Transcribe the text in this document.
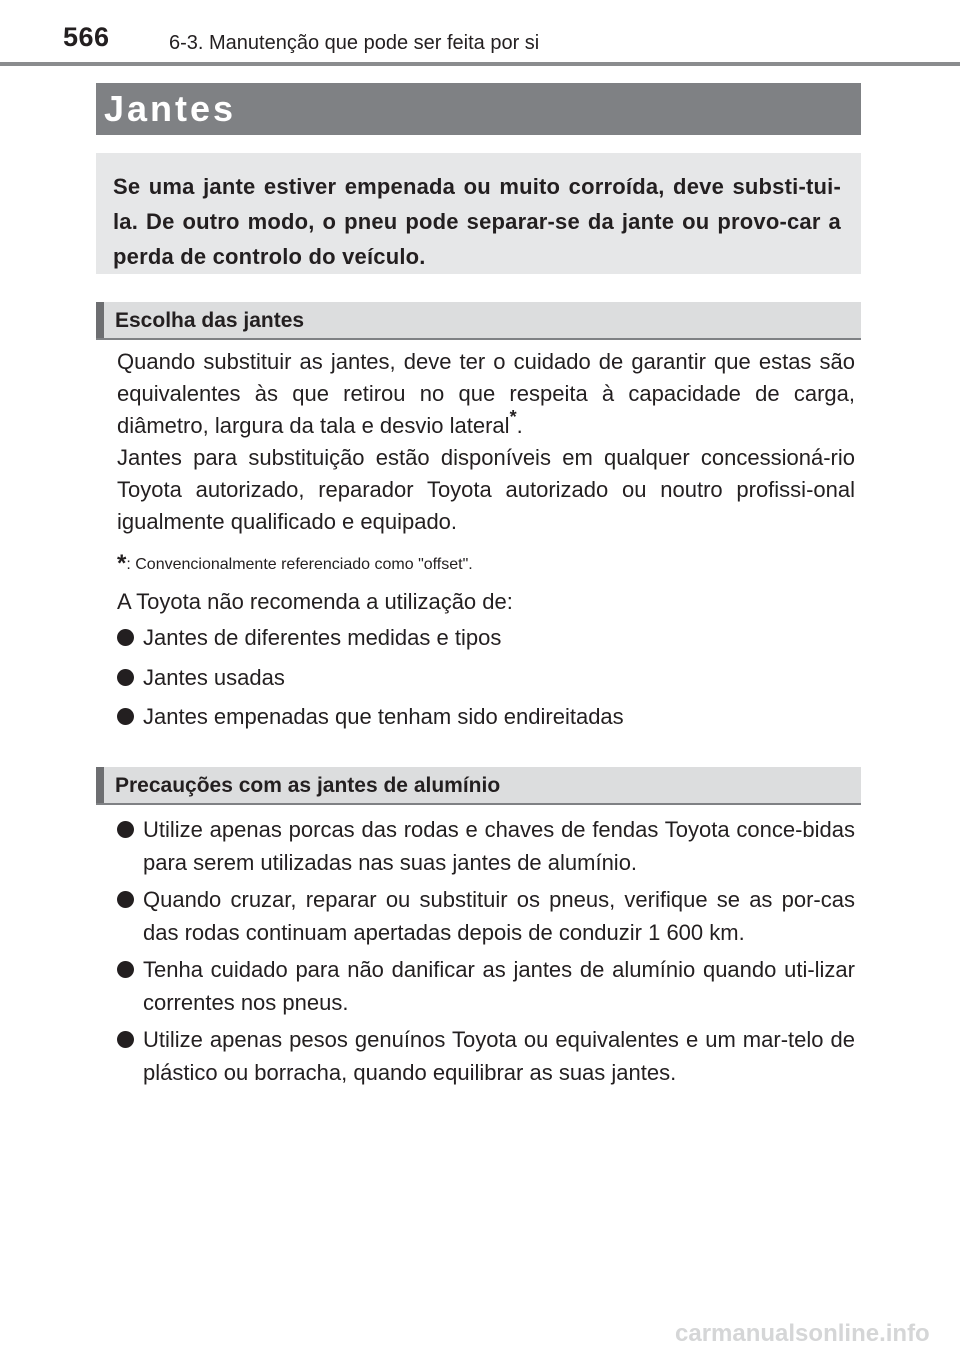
566	6-3. Manutenção que pode ser feita por si
Jantes
Se uma jante estiver empenada ou muito corroída, deve substi-tui-la. De outro modo, o pneu pode separar-se da jante ou provo-car a perda de controlo do veículo.
Escolha das jantes
Quando substituir as jantes, deve ter o cuidado de garantir que estas são equivalentes às que retirou no que respeita à capacidade de carga, diâmetro, largura da tala e desvio lateral*.
Jantes para substituição estão disponíveis em qualquer concessioná-rio Toyota autorizado, reparador Toyota autorizado ou noutro profissi-onal igualmente qualificado e equipado.
*: Convencionalmente referenciado como "offset".
A Toyota não recomenda a utilização de:
Jantes de diferentes medidas e tipos
Jantes usadas
Jantes empenadas que tenham sido endireitadas
Precauções com as jantes de alumínio
Utilize apenas porcas das rodas e chaves de fendas Toyota conce-bidas para serem utilizadas nas suas jantes de alumínio.
Quando cruzar, reparar ou substituir os pneus, verifique se as por-cas das rodas continuam apertadas depois de conduzir 1 600 km.
Tenha cuidado para não danificar as jantes de alumínio quando uti-lizar correntes nos pneus.
Utilize apenas pesos genuínos Toyota ou equivalentes e um mar-telo de plástico ou borracha, quando equilibrar as suas jantes.
carmanualsonline.info
